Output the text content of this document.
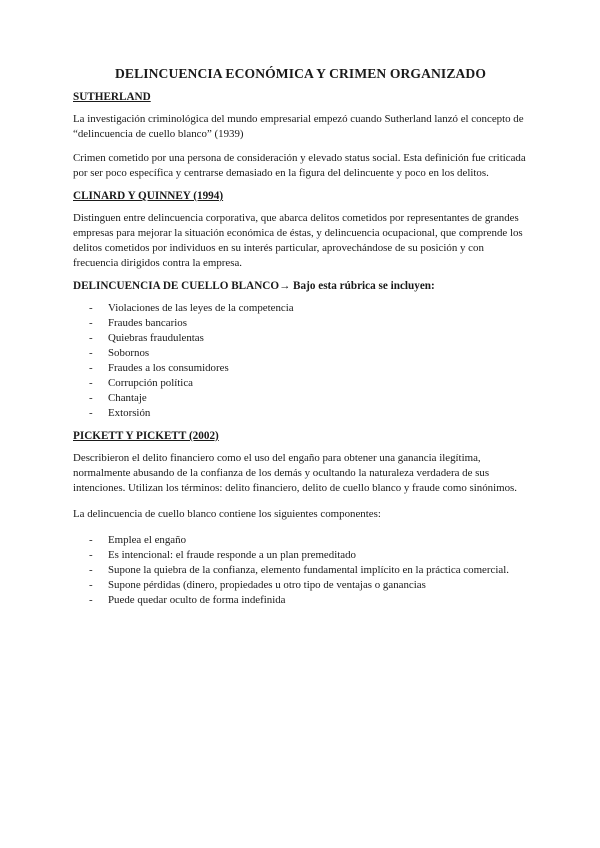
DELINCUENCIA ECONÓMICA Y CRIMEN ORGANIZADO
SUTHERLAND

La investigación criminológica del mundo empresarial empezó cuando Sutherland lanzó el concepto de “delincuencia de cuello blanco” (1939)

Crimen cometido por una persona de consideración y elevado status social. Esta definición fue criticada por ser poco específica y centrarse demasiado en la figura del delincuente y poco en los delitos.

CLINARD Y QUINNEY (1994)

Distinguen entre delincuencia corporativa, que abarca delitos cometidos por representantes de grandes empresas para mejorar la situación económica de éstas, y delincuencia ocupacional, que comprende los delitos cometidos por individuos en su interés particular, aprovechándose de su posición y con frecuencia dirigidos contra la empresa.

DELINCUENCIA DE CUELLO BLANCO→ Bajo esta rúbrica se incluyen:
- Violaciones de las leyes de la competencia
- Fraudes bancarios
- Quiebras fraudulentas
- Sobornos
- Fraudes a los consumidores
- Corrupción política
- Chantaje
- Extorsión
PICKETT Y PICKETT (2002)

Describieron el delito financiero como el uso del engaño para obtener una ganancia ilegítima, normalmente abusando de la confianza de los demás y ocultando la naturaleza verdadera de sus intenciones. Utilizan los términos: delito financiero, delito de cuello blanco y fraude como sinónimos.

La delincuencia de cuello blanco contiene los siguientes componentes:

- Emplea el engaño
- Es intencional: el fraude responde a un plan premeditado
- Supone la quiebra de la confianza, elemento fundamental implícito en la práctica comercial.
- Supone pérdidas (dinero, propiedades u otro tipo de ventajas o ganancias
- Puede quedar oculto de forma indefinida
